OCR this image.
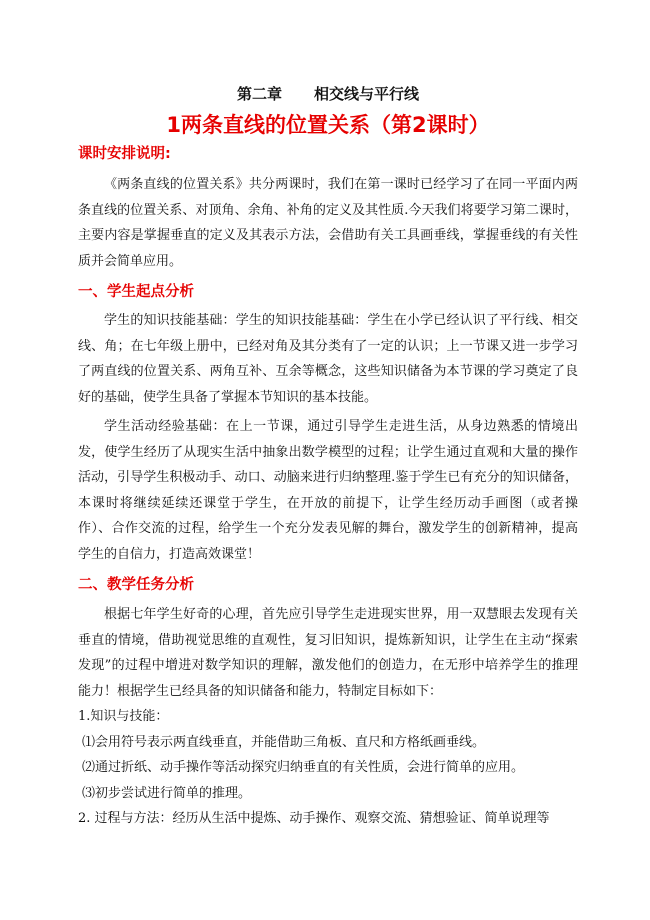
第二章 相交线与平行线
1两条直线的位置关系（第2课时）
课时安排说明:

《两条直线的位置关系》共分两课时，我们在第一课时已经学习了在同一平面内两条直线的位置关系、对顶角、余角、补角的定义及其性质.今天我们将要学习第二课时，主要内容是掌握垂直的定义及其表示方法，会借助有关工具画垂线，掌握垂线的有关性质并会简单应用。

一、学生起点分析

学生的知识技能基础：学生的知识技能基础：学生在小学已经认识了平行线、相交线、角；在七年级上册中，已经对角及其分类有了一定的认识；上一节课又进一步学习了两直线的位置关系、两角互补、互余等概念，这些知识储备为本节课的学习奠定了良好的基础，使学生具备了掌握本节知识的基本技能。

学生活动经验基础：在上一节课，通过引导学生走进生活，从身边熟悉的情境出发，使学生经历了从现实生活中抽象出数学模型的过程；让学生通过直观和大量的操作活动，引导学生积极动手、动口、动脑来进行归纳整理.鉴于学生已有充分的知识储备，本课时将继续延续还课堂于学生，在开放的前提下，让学生经历动手画图（或者操作）、合作交流的过程，给学生一个充分发表见解的舞台，激发学生的创新精神，提高学生的自信力，打造高效课堂！

二、教学任务分析

根据七年学生好奇的心理，首先应引导学生走进现实世界，用一双慧眼去发现有关垂直的情境，借助视觉思维的直观性，复习旧知识，提炼新知识，让学生在主动“探索发现”的过程中增进对数学知识的理解，激发他们的创造力，在无形中培养学生的推理能力！根据学生已经具备的知识储备和能力，特制定目标如下：

1.知识与技能：

⑴会用符号表示两直线垂直，并能借助三角板、直尺和方格纸画垂线。

⑵通过折纸、动手操作等活动探究归纳垂直的有关性质，会进行简单的应用。

⑶初步尝试进行简单的推理。

2. 过程与方法：经历从生活中提炼、动手操作、观察交流、猜想验证、简单说理等
